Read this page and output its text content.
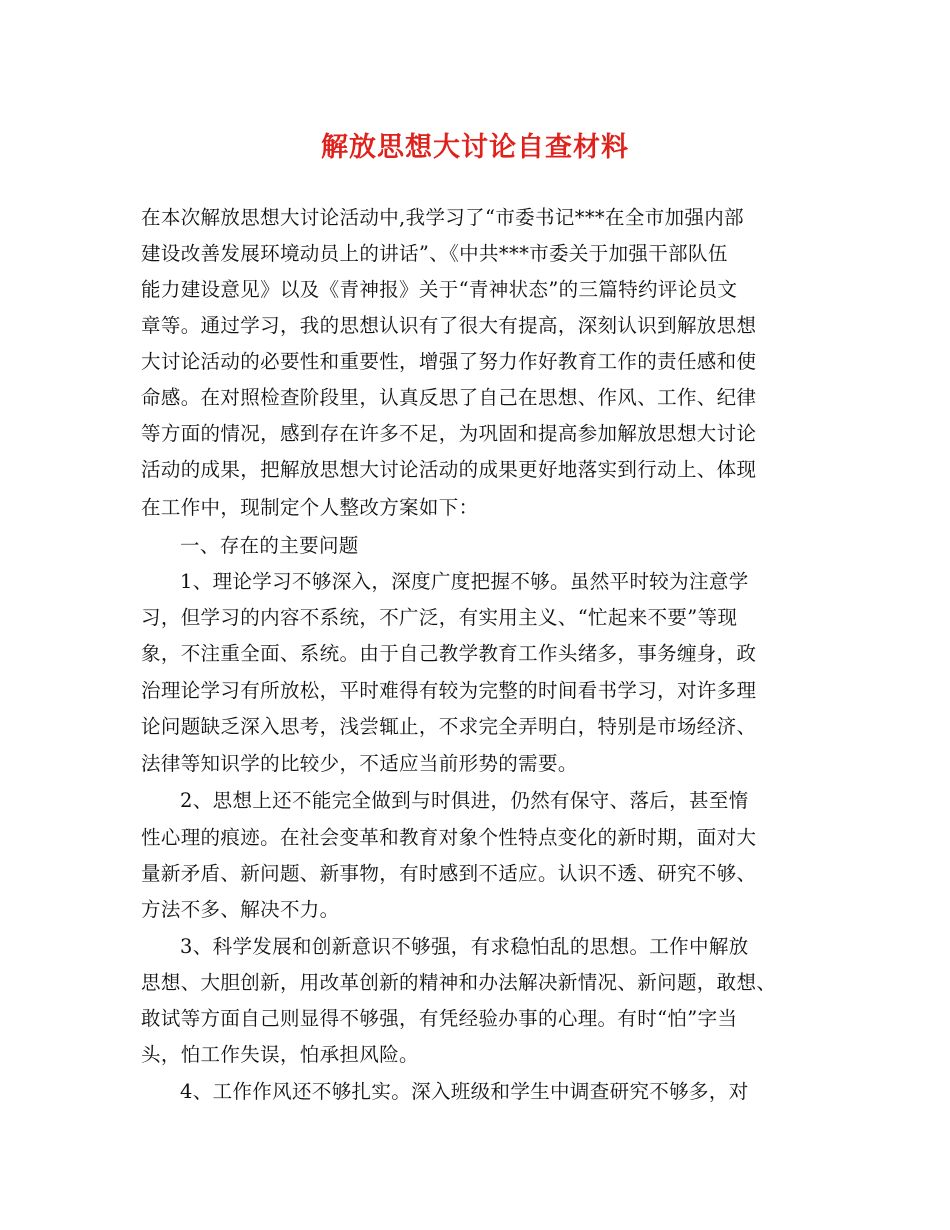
解放思想大讨论自查材料
在本次解放思想大讨论活动中,我学习了“市委书记***在全市加强内部
建设改善发展环境动员上的讲话”、《中共***市委关于加强干部队伍
能力建设意见》以及《青神报》关于“青神状态”的三篇特约评论员文
章等。通过学习，我的思想认识有了很大有提高，深刻认识到解放思想
大讨论活动的必要性和重要性，增强了努力作好教育工作的责任感和使
命感。在对照检查阶段里，认真反思了自己在思想、作风、工作、纪律
等方面的情况，感到存在许多不足，为巩固和提高参加解放思想大讨论
活动的成果，把解放思想大讨论活动的成果更好地落实到行动上、体现
在工作中，现制定个人整改方案如下：
一、存在的主要问题
1、理论学习不够深入，深度广度把握不够。虽然平时较为注意学
习，但学习的内容不系统，不广泛，有实用主义、“忙起来不要”等现
象，不注重全面、系统。由于自己教学教育工作头绪多，事务缠身，政
治理论学习有所放松，平时难得有较为完整的时间看书学习，对许多理
论问题缺乏深入思考，浅尝辄止，不求完全弄明白，特别是市场经济、
法律等知识学的比较少，不适应当前形势的需要。
2、思想上还不能完全做到与时俱进，仍然有保守、落后，甚至惰
性心理的痕迹。在社会变革和教育对象个性特点变化的新时期，面对大
量新矛盾、新问题、新事物，有时感到不适应。认识不透、研究不够、
方法不多、解决不力。
3、科学发展和创新意识不够强，有求稳怕乱的思想。工作中解放
思想、大胆创新，用改革创新的精神和办法解决新情况、新问题，敢想、
敢试等方面自己则显得不够强，有凭经验办事的心理。有时“怕”字当
头，怕工作失误，怕承担风险。
4、工作作风还不够扎实。深入班级和学生中调查研究不够多，对
